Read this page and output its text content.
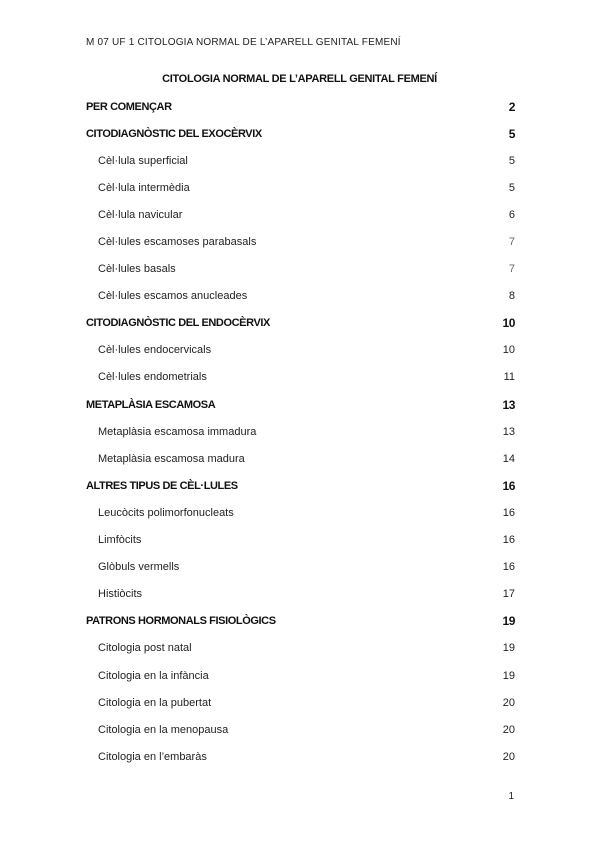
M 07 UF 1 CITOLOGIA NORMAL DE L’APARELL GENITAL FEMENÍ
CITOLOGIA NORMAL DE L’APARELL GENITAL FEMENÍ
PER COMENÇAR	2
CITODIAGNÒSTIC DEL EXOCÈRVIX	5
Cèl·lula superficial	5
Cèl·lula intermèdia	5
Cèl·lula navicular	6
Cèl·lules escamoses parabasals	7
Cèl·lules basals	7
Cèl·lules escamos anucleades	8
CITODIAGNÒSTIC DEL ENDOCÈRVIX	10
Cèl·lules endocervicals	10
Cèl·lules endometrials	11
METAPLÀSIA ESCAMOSA	13
Metaplàsia escamosa immadura	13
Metaplàsia escamosa madura	14
ALTRES TIPUS DE CÈL·LULES	16
Leucòcits polimorfonucleats	16
Limfòcits	16
Glòbuls vermells	16
Histiòcits	17
PATRONS HORMONALS FISIOLÒGICS	19
Citologia post natal	19
Citologia en la infància	19
Citologia en la pubertat	20
Citologia en la menopausa	20
Citologia en l’embaràs	20
1
